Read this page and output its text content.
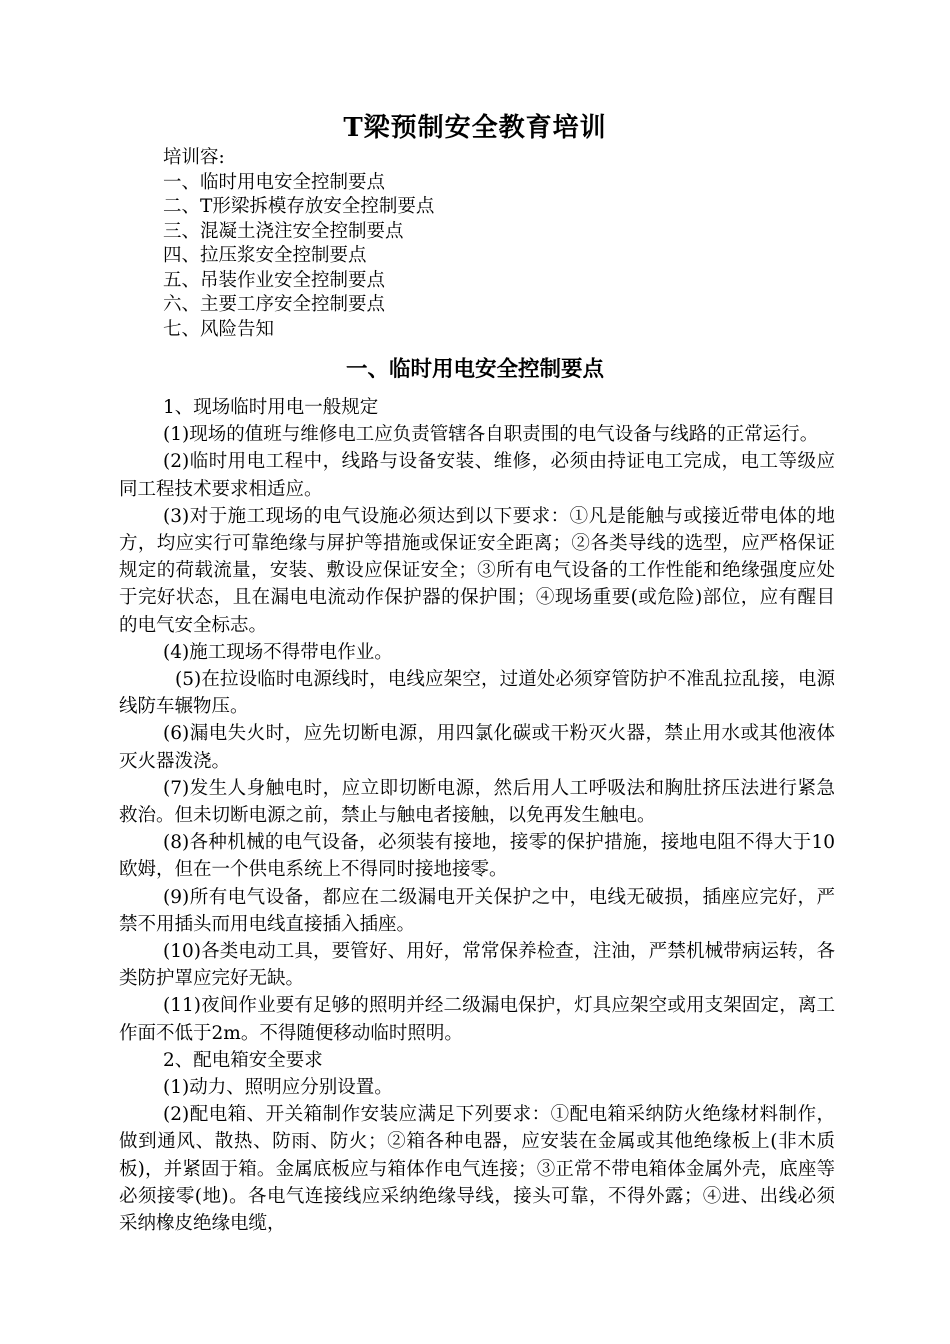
T梁预制安全教育培训
培训容:
一、临时用电安全控制要点
二、T形梁拆模存放安全控制要点
三、混凝土浇注安全控制要点
四、拉压浆安全控制要点
五、吊装作业安全控制要点
六、主要工序安全控制要点
七、风险告知
一、临时用电安全控制要点

1、现场临时用电一般规定

(1)现场的值班与维修电工应负责管辖各自职责围的电气设备与线路的正常运行。

(2)临时用电工程中，线路与设备安装、维修，必须由持证电工完成，电工等级应同工程技术要求相适应。

(3)对于施工现场的电气设施必须达到以下要求：①凡是能触与或接近带电体的地方，均应实行可靠绝缘与屏护等措施或保证安全距离；②各类导线的选型，应严格保证规定的荷载流量，安装、敷设应保证安全；③所有电气设备的工作性能和绝缘强度应处于完好状态，且在漏电电流动作保护器的保护围；④现场重要(或危险)部位，应有醒目的电气安全标志。

(4)施工现场不得带电作业。

(5)在拉设临时电源线时，电线应架空，过道处必须穿管防护不准乱拉乱接，电源线防车辗物压。

(6)漏电失火时，应先切断电源，用四氯化碳或干粉灭火器，禁止用水或其他液体灭火器泼浇。

(7)发生人身触电时，应立即切断电源，然后用人工呼吸法和胸肚挤压法进行紧急救治。但未切断电源之前，禁止与触电者接触，以免再发生触电。

(8)各种机械的电气设备，必须装有接地，接零的保护措施，接地电阻不得大于10欧姆，但在一个供电系统上不得同时接地接零。

(9)所有电气设备，都应在二级漏电开关保护之中，电线无破损，插座应完好，严禁不用插头而用电线直接插入插座。

(10)各类电动工具，要管好、用好，常常保养检查，注油，严禁机械带病运转，各类防护罩应完好无缺。

(11)夜间作业要有足够的照明并经二级漏电保护，灯具应架空或用支架固定，离工作面不低于2m。不得随便移动临时照明。

2、配电箱安全要求

(1)动力、照明应分别设置。

(2)配电箱、开关箱制作安装应满足下列要求：①配电箱采纳防火绝缘材料制作，做到通风、散热、防雨、防火；②箱各种电器，应安装在金属或其他绝缘板上(非木质板)，并紧固于箱。金属底板应与箱体作电气连接；③正常不带电箱体金属外壳，底座等必须接零(地)。各电气连接线应采纳绝缘导线，接头可靠，不得外露；④进、出线必须采纳橡皮绝缘电缆，
